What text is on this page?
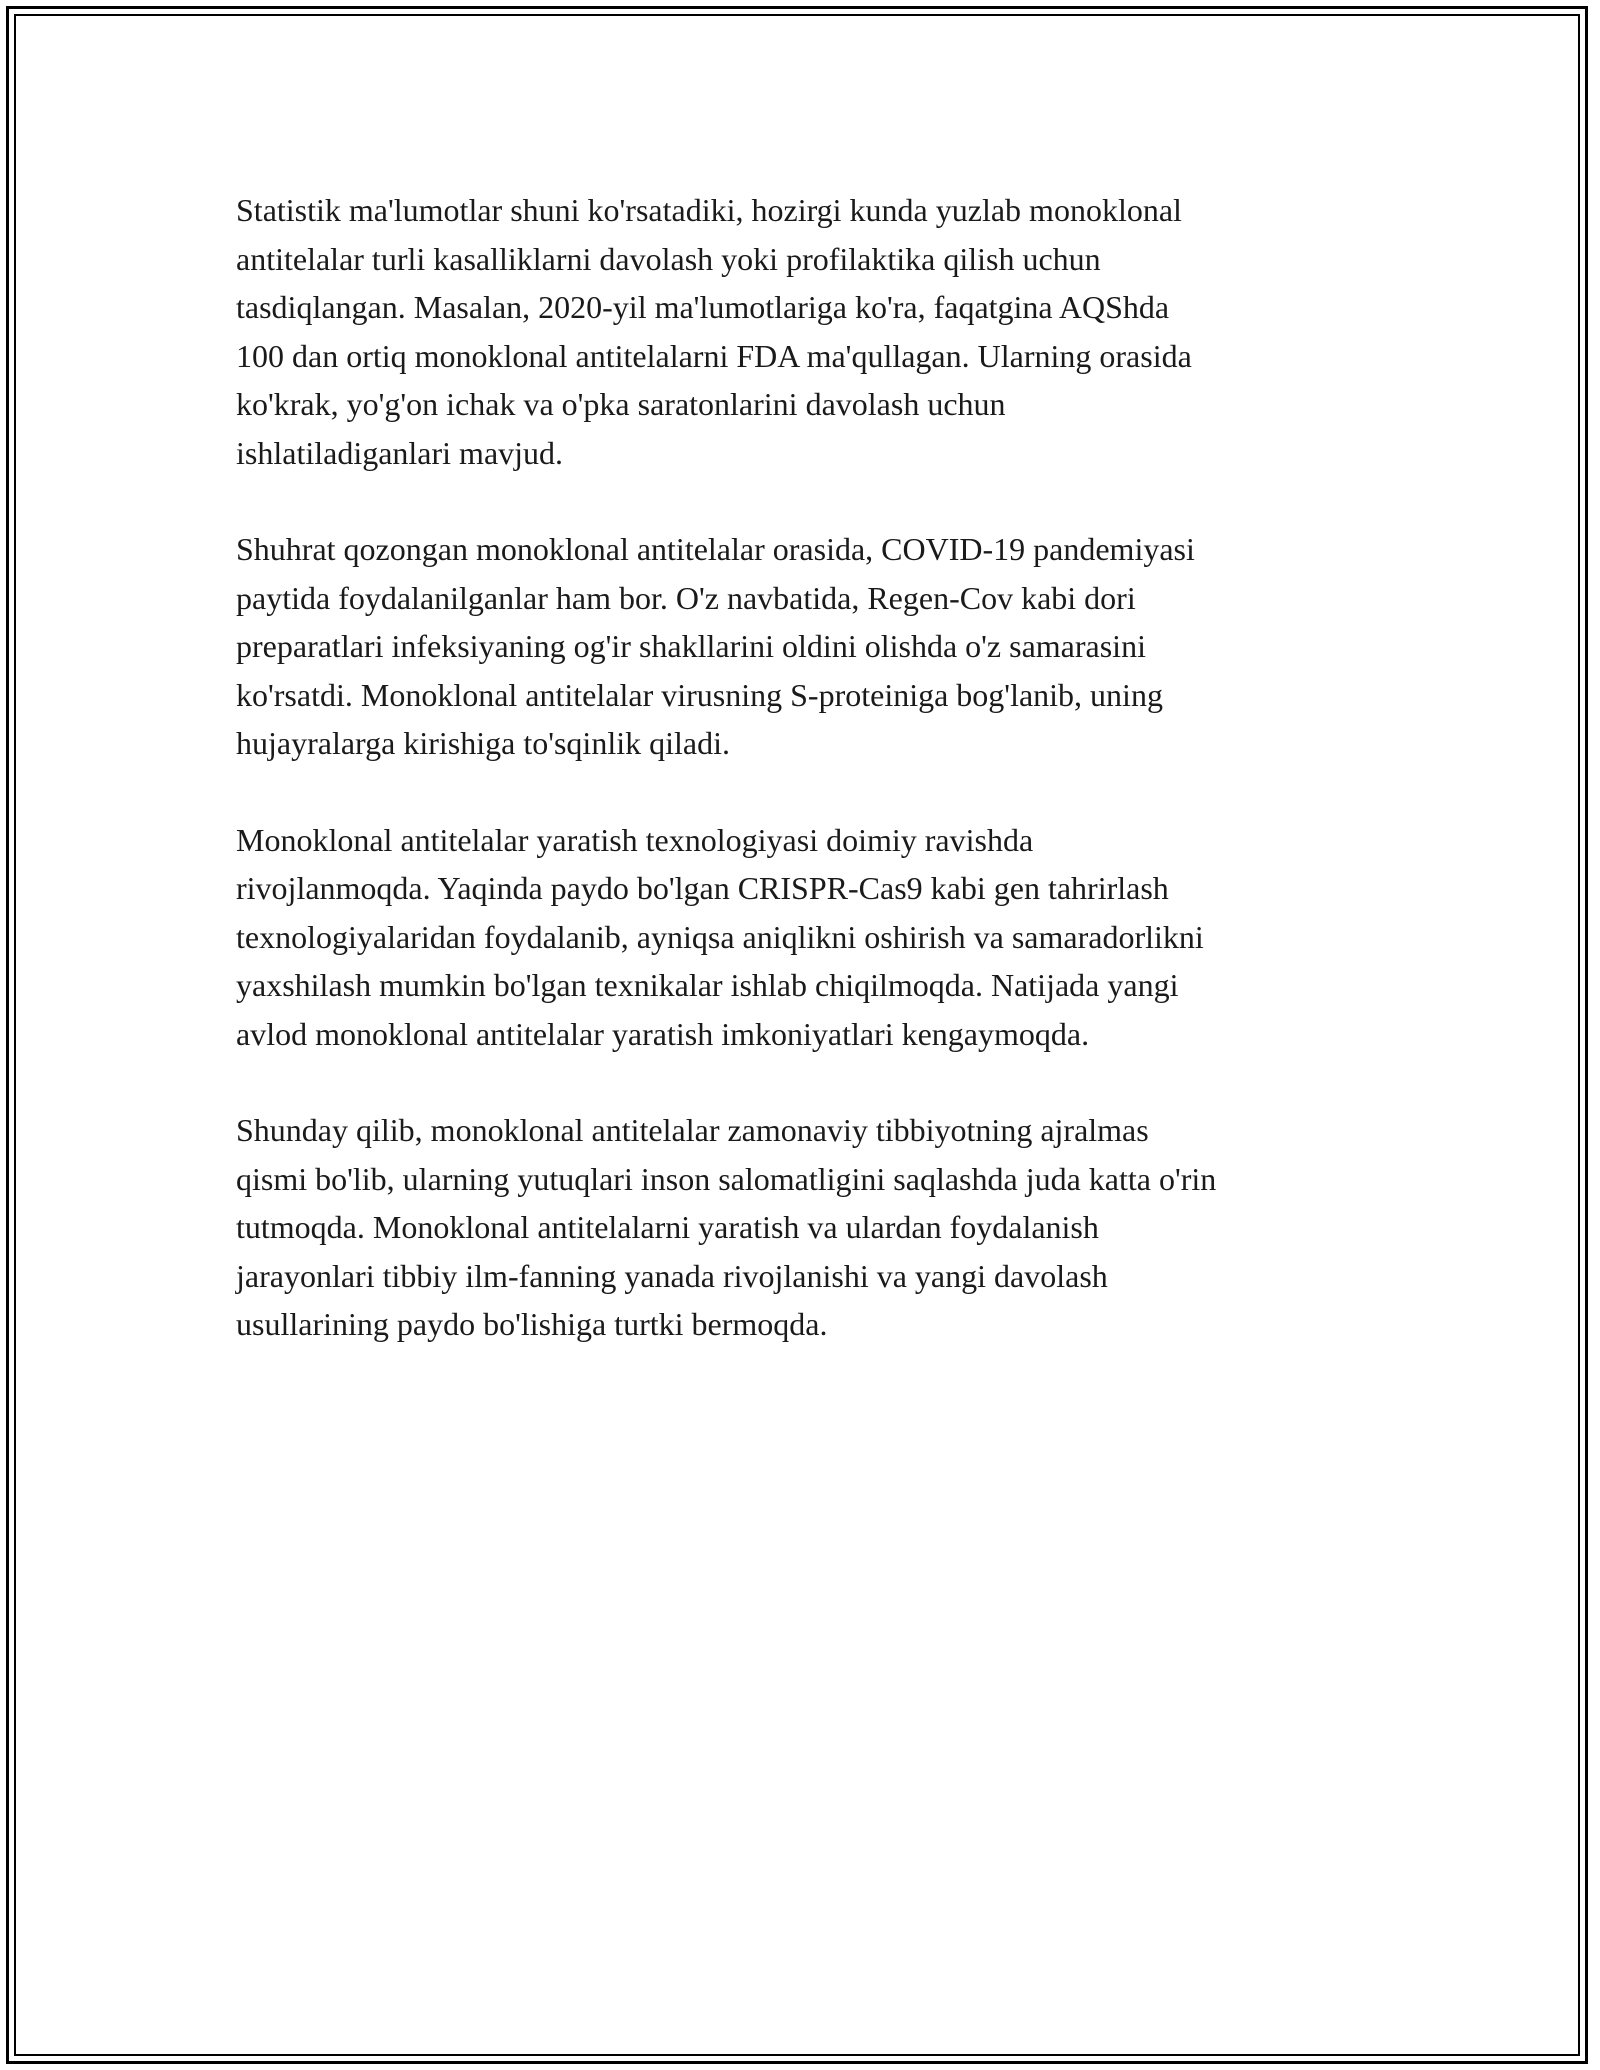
Statistik ma'lumotlar shuni ko'rsatadiki, hozirgi kunda yuzlab monoklonal
antitelalar turli kasalliklarni davolash yoki profilaktika qilish uchun
tasdiqlangan. Masalan, 2020-yil ma'lumotlariga ko'ra, faqatgina AQShda
100 dan ortiq monoklonal antitelalarni FDA ma'qullagan. Ularning orasida
ko'krak, yo'g'on ichak va o'pka saratonlarini davolash uchun
ishlatiladiganlari mavjud.

Shuhrat qozongan monoklonal antitelalar orasida, COVID-19 pandemiyasi
paytida foydalanilganlar ham bor. O'z navbatida, Regen-Cov kabi dori
preparatlari infeksiyaning og'ir shakllarini oldini olishda o'z samarasini
ko'rsatdi. Monoklonal antitelalar virusning S-proteiniga bog'lanib, uning
hujayralarga kirishiga to'sqinlik qiladi.

Monoklonal antitelalar yaratish texnologiyasi doimiy ravishda
rivojlanmoqda. Yaqinda paydo bo'lgan CRISPR-Cas9 kabi gen tahrirlash
texnologiyalaridan foydalanib, ayniqsa aniqlikni oshirish va samaradorlikni
yaxshilash mumkin bo'lgan texnikalar ishlab chiqilmoqda. Natijada yangi
avlod monoklonal antitelalar yaratish imkoniyatlari kengaymoqda.

Shunday qilib, monoklonal antitelalar zamonaviy tibbiyotning ajralmas
qismi bo'lib, ularning yutuqlari inson salomatligini saqlashda juda katta o'rin
tutmoqda. Monoklonal antitelalarni yaratish va ulardan foydalanish
jarayonlari tibbiy ilm-fanning yanada rivojlanishi va yangi davolash
usullarining paydo bo'lishiga turtki bermoqda.
